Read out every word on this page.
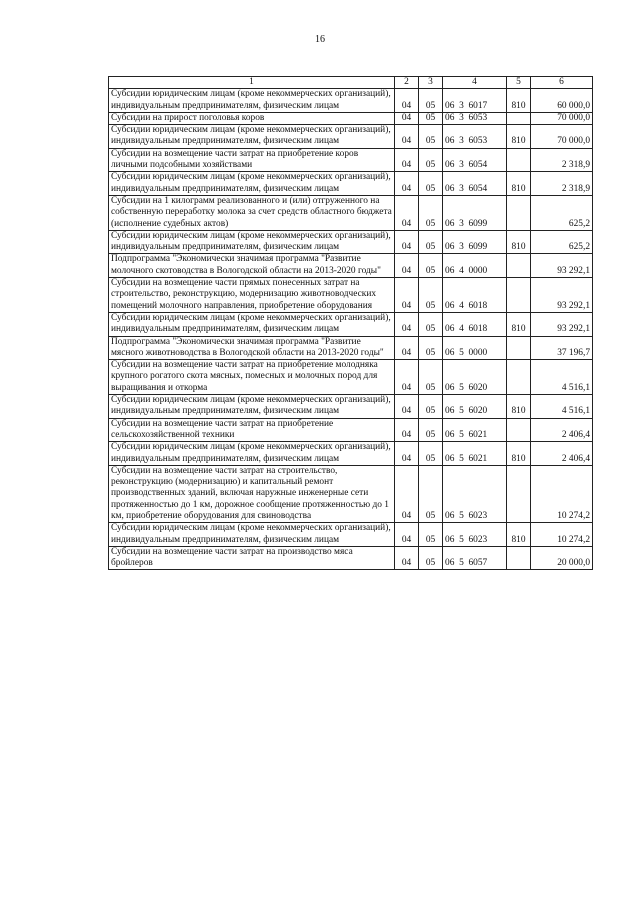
16
1	2	3	4	5	6
Субсидии юридическим лицам (кроме некоммерческих организаций), индивидуальным предпринимателям, физическим лицам	04	05	06  3  6017	810	60 000,0
Субсидии на прирост поголовья коров	04	05	06  3  6053		70 000,0
Субсидии юридическим лицам (кроме некоммерческих организаций), индивидуальным предпринимателям, физическим лицам	04	05	06  3  6053	810	70 000,0
Субсидии на возмещение части затрат на приобретение коров личными подсобными хозяйствами	04	05	06  3  6054		2 318,9
Субсидии юридическим лицам (кроме некоммерческих организаций), индивидуальным предпринимателям, физическим лицам	04	05	06  3  6054	810	2 318,9
Субсидии на 1 килограмм реализованного и (или) отгруженного на собственную переработку молока за счет средств областного бюджета (исполнение судебных актов)	04	05	06  3  6099		625,2
Субсидии юридическим лицам (кроме некоммерческих организаций), индивидуальным предпринимателям, физическим лицам	04	05	06  3  6099	810	625,2
Подпрограмма "Экономически значимая программа "Развитие молочного скотоводства в Вологодской области на 2013-2020 годы"	04	05	06  4  0000		93 292,1
Субсидии на возмещение части прямых понесенных затрат на строительство, реконструкцию, модернизацию животноводческих помещений молочного направления, приобретение оборудования	04	05	06  4  6018		93 292,1
Субсидии юридическим лицам (кроме некоммерческих организаций), индивидуальным предпринимателям, физическим лицам	04	05	06  4  6018	810	93 292,1
Подпрограмма "Экономически значимая программа "Развитие мясного животноводства в Вологодской области на 2013-2020 годы"	04	05	06  5  0000		37 196,7
Субсидии на возмещение части затрат на приобретение молодняка крупного рогатого скота мясных, помесных и молочных пород для выращивания и откорма	04	05	06  5  6020		4 516,1
Субсидии юридическим лицам (кроме некоммерческих организаций), индивидуальным предпринимателям, физическим лицам	04	05	06  5  6020	810	4 516,1
Субсидии на возмещение части затрат на приобретение сельскохозяйственной техники	04	05	06  5  6021		2 406,4
Субсидии юридическим лицам (кроме некоммерческих организаций), индивидуальным предпринимателям, физическим лицам	04	05	06  5  6021	810	2 406,4
Субсидии на возмещение части затрат на строительство, реконструкцию (модернизацию) и капитальный ремонт производственных зданий, включая наружные инженерные сети протяженностью до 1 км, дорожное сообщение протяженностью до 1 км, приобретение оборудования для свиноводства	04	05	06  5  6023		10 274,2
Субсидии юридическим лицам (кроме некоммерческих организаций), индивидуальным предпринимателям, физическим лицам	04	05	06  5  6023	810	10 274,2
Субсидии на возмещение части затрат на производство мяса бройлеров	04	05	06  5  6057		20 000,0
